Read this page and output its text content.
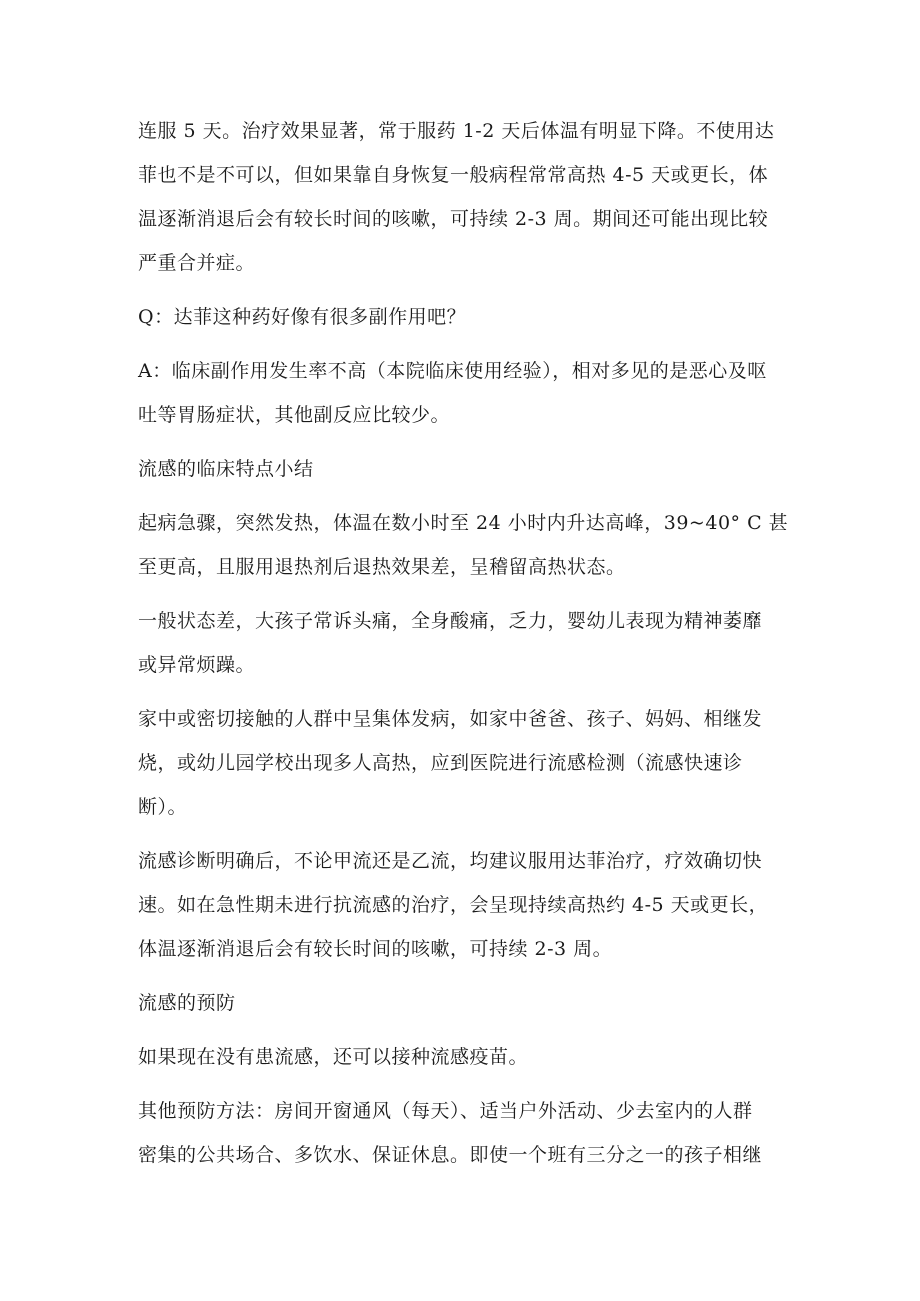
连服 5 天。治疗效果显著，常于服药 1-2 天后体温有明显下降。不使用达
菲也不是不可以，但如果靠自身恢复一般病程常常高热 4-5 天或更长，体
温逐渐消退后会有较长时间的咳嗽，可持续 2-3 周。期间还可能出现比较
严重合并症。
Q：达菲这种药好像有很多副作用吧？
A：临床副作用发生率不高（本院临床使用经验），相对多见的是恶心及呕
吐等胃肠症状，其他副反应比较少。
流感的临床特点小结
起病急骤，突然发热，体温在数小时至 24 小时内升达高峰，39~40° C 甚
至更高，且服用退热剂后退热效果差，呈稽留高热状态。
一般状态差，大孩子常诉头痛，全身酸痛，乏力，婴幼儿表现为精神萎靡
或异常烦躁。
家中或密切接触的人群中呈集体发病，如家中爸爸、孩子、妈妈、相继发
烧，或幼儿园学校出现多人高热，应到医院进行流感检测（流感快速诊
断）。
流感诊断明确后，不论甲流还是乙流，均建议服用达菲治疗，疗效确切快
速。如在急性期未进行抗流感的治疗，会呈现持续高热约 4-5 天或更长，
体温逐渐消退后会有较长时间的咳嗽，可持续 2-3 周。
流感的预防
如果现在没有患流感，还可以接种流感疫苗。
其他预防方法：房间开窗通风（每天）、适当户外活动、少去室内的人群
密集的公共场合、多饮水、保证休息。即使一个班有三分之一的孩子相继
